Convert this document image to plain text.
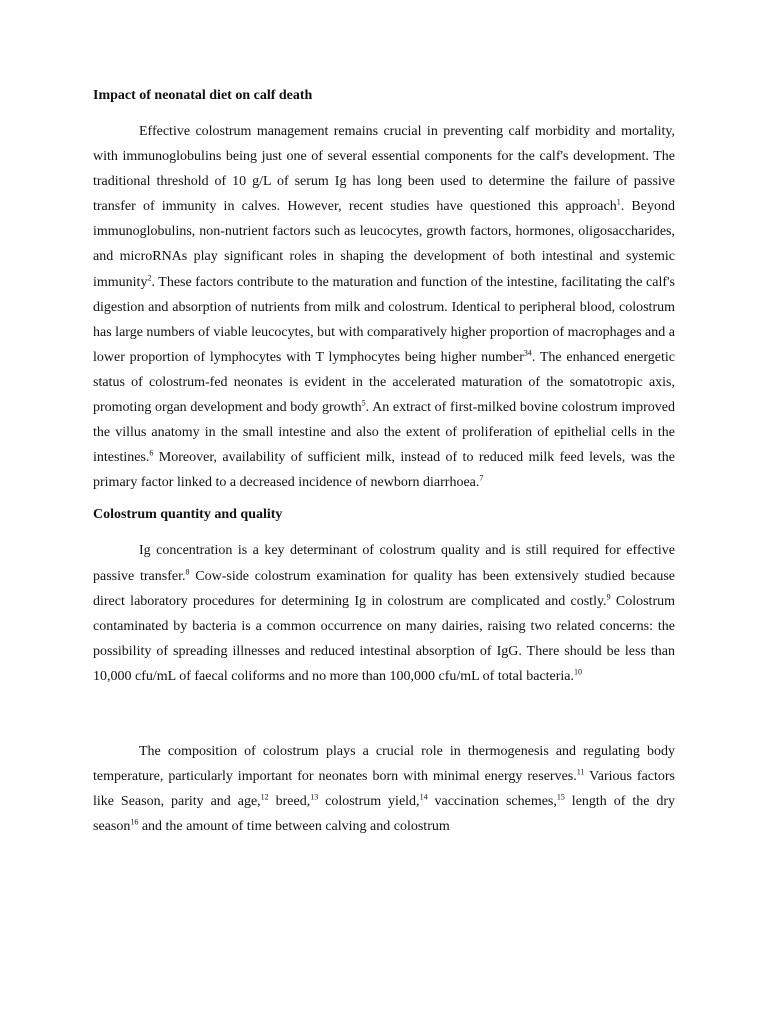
Impact of neonatal diet on calf death

Effective colostrum management remains crucial in preventing calf morbidity and mortality, with immunoglobulins being just one of several essential components for the calf's development. The traditional threshold of 10 g/L of serum Ig has long been used to determine the failure of passive transfer of immunity in calves. However, recent studies have questioned this approach$^1$. Beyond immunoglobulins, non-nutrient factors such as leucocytes, growth factors, hormones, oligosaccharides, and microRNAs play significant roles in shaping the development of both intestinal and systemic immunity$^2$. These factors contribute to the maturation and function of the intestine, facilitating the calf's digestion and absorption of nutrients from milk and colostrum. Identical to peripheral blood, colostrum has large numbers of viable leucocytes, but with comparatively higher proportion of macrophages and a lower proportion of lymphocytes with T lymphocytes being higher number$^{34}$. The enhanced energetic status of colostrum-fed neonates is evident in the accelerated maturation of the somatotropic axis, promoting organ development and body growth$^5$. An extract of first-milked bovine colostrum improved the villus anatomy in the small intestine and also the extent of proliferation of epithelial cells in the intestines.$^6$ Moreover, availability of sufficient milk, instead of to reduced milk feed levels, was the primary factor linked to a decreased incidence of newborn diarrhoea.$^7$

Colostrum quantity and quality

Ig concentration is a key determinant of colostrum quality and is still required for effective passive transfer.$^8$ Cow-side colostrum examination for quality has been extensively studied because direct laboratory procedures for determining Ig in colostrum are complicated and costly.$^9$ Colostrum contaminated by bacteria is a common occurrence on many dairies, raising two related concerns: the possibility of spreading illnesses and reduced intestinal absorption of IgG. There should be less than 10,000 cfu/mL of faecal coliforms and no more than 100,000 cfu/mL of total bacteria.$^{10}$

The composition of colostrum plays a crucial role in thermogenesis and regulating body temperature, particularly important for neonates born with minimal energy reserves.$^{11}$ Various factors like Season, parity and age,$^{12}$ breed,$^{13}$ colostrum yield,$^{14}$ vaccination schemes,$^{15}$ length of the dry season$^{16}$ and the amount of time between calving and colostrum
